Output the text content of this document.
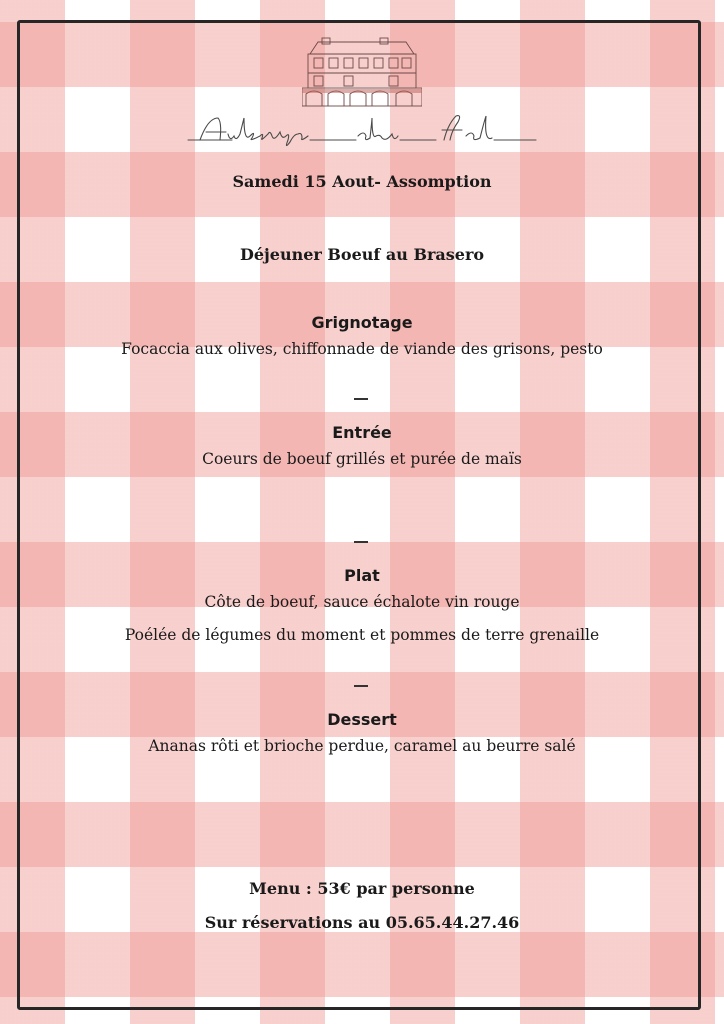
Samedi 15 Aout- Assomption
Déjeuner Boeuf au Brasero
Grignotage
Focaccia aux olives, chiffonnade de viande des grisons, pesto
Entrée
Coeurs de boeuf grillés et purée de maïs
Plat
Côte de boeuf, sauce échalote vin rouge
Poélée de légumes du moment et pommes de terre grenaille
Dessert
Ananas rôti et brioche perdue, caramel au beurre salé
Menu : 53€ par personne
Sur réservations au 05.65.44.27.46
